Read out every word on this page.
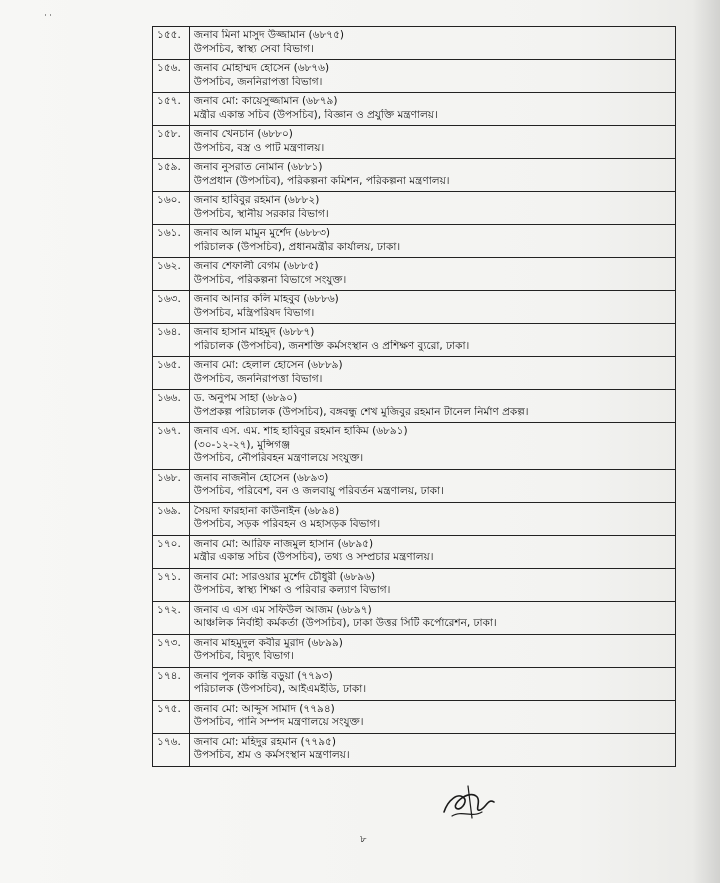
˙˙
১৫৫.	জনাব মিনা মাসুদ উজ্জামান (৬৮৭৫)
উপসচিব, স্বাস্থ্য সেবা বিভাগ।

১৫৬.	জনাব মোহাম্মদ হোসেন (৬৮৭৬)
উপসচিব, জননিরাপত্তা বিভাগ।

১৫৭.	জনাব মো: কায়েসুজ্জামান (৬৮৭৯)
মন্ত্রীর একান্ত সচিব (উপসচিব), বিজ্ঞান ও প্রযুক্তি মন্ত্রণালয়।

১৫৮.	জনাব খেনচান (৬৮৮০)
উপসচিব, বস্ত্র ও পাট মন্ত্রণালয়।

১৫৯.	জনাব নুসরাত নোমান (৬৮৮১)
উপপ্রধান (উপসচিব), পরিকল্পনা কমিশন, পরিকল্পনা মন্ত্রণালয়।

১৬০.	জনাব হাবিবুর রহমান (৬৮৮২)
উপসচিব, স্থানীয় সরকার বিভাগ।

১৬১.	জনাব আল মামুন মুর্শেদ (৬৮৮৩)
পরিচালক (উপসচিব), প্রধানমন্ত্রীর কার্যালয়, ঢাকা।

১৬২.	জনাব শেফালী বেগম (৬৮৮৫)
উপসচিব, পরিকল্পনা বিভাগে সংযুক্ত।

১৬৩.	জনাব আনার কলি মাহবুব (৬৮৮৬)
উপসচিব, মন্ত্রিপরিষদ বিভাগ।

১৬৪.	জনাব হাসান মাহমুদ (৬৮৮৭)
পরিচালক (উপসচিব), জনশক্তি কর্মসংস্থান ও প্রশিক্ষণ ব্যুরো, ঢাকা।

১৬৫.	জনাব মো: হেলাল হোসেন (৬৮৮৯)
উপসচিব, জননিরাপত্তা বিভাগ।

১৬৬.	ড. অনুপম সাহা (৬৮৯০)
উপপ্রকল্প পরিচালক (উপসচিব), বঙ্গবন্ধু শেখ মুজিবুর রহমান টানেল নির্মাণ প্রকল্প।

১৬৭.	জনাব এস. এম. শাহ হাবিবুর রহমান হাকিম (৬৮৯১)
(৩০-১২-২৭), মুন্সিগঞ্জ
উপসচিব, নৌপরিবহন মন্ত্রণালয়ে সংযুক্ত।

১৬৮.	জনাব নাজনীন হোসেন (৬৮৯৩)
উপসচিব, পরিবেশ, বন ও জলবায়ু পরিবর্তন মন্ত্রণালয়, ঢাকা।

১৬৯.	সৈয়দা ফারহানা কাউনাইন (৬৮৯৪)
উপসচিব, সড়ক পরিবহন ও মহাসড়ক বিভাগ।

১৭০.	জনাব মো: আরিফ নাজমুল হাসান (৬৮৯৫)
মন্ত্রীর একান্ত সচিব (উপসচিব), তথ্য ও সম্প্রচার মন্ত্রণালয়।

১৭১.	জনাব মো: সারওয়ার মুর্শেদ চৌধুরী (৬৮৯৬)
উপসচিব, স্বাস্থ্য শিক্ষা ও পরিবার কল্যাণ বিভাগ।

১৭২.	জনাব এ এস এম সফিউল আজম (৬৮৯৭)
আঞ্চলিক নির্বাহী কর্মকর্তা (উপসচিব), ঢাকা উত্তর সিটি কর্পোরেশন, ঢাকা।

১৭৩.	জনাব মাহমুদুল কবীর মুরাদ (৬৮৯৯)
উপসচিব, বিদ্যুৎ বিভাগ।

১৭৪.	জনাব পুলক কান্তি বড়ুয়া (৭৭৯৩)
পরিচালক (উপসচিব), আইএমইডি, ঢাকা।

১৭৫.	জনাব মো: আব্দুস সামাদ (৭৭৯৪)
উপসচিব, পানি সম্পদ মন্ত্রণালয়ে সংযুক্ত।

১৭৬.	জনাব মো: মহিদুর রহমান (৭৭৯৫)
উপসচিব, শ্রম ও কর্মসংস্থান মন্ত্রণালয়।
৮
